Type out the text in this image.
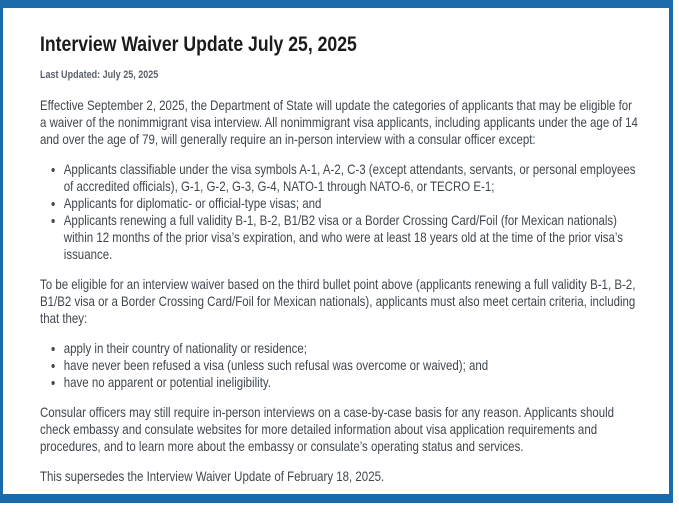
Interview Waiver Update July 25, 2025
Last Updated: July 25, 2025

Effective September 2, 2025, the Department of State will update the categories of applicants that may be eligible for a waiver of the nonimmigrant visa interview. All nonimmigrant visa applicants, including applicants under the age of 14 and over the age of 79, will generally require an in-person interview with a consular officer except:

• Applicants classifiable under the visa symbols A-1, A-2, C-3 (except attendants, servants, or personal employees of accredited officials), G-1, G-2, G-3, G-4, NATO-1 through NATO-6, or TECRO E-1;
• Applicants for diplomatic- or official-type visas; and
• Applicants renewing a full validity B-1, B-2, B1/B2 visa or a Border Crossing Card/Foil (for Mexican nationals) within 12 months of the prior visa’s expiration, and who were at least 18 years old at the time of the prior visa’s issuance.

To be eligible for an interview waiver based on the third bullet point above (applicants renewing a full validity B-1, B-2, B1/B2 visa or a Border Crossing Card/Foil for Mexican nationals), applicants must also meet certain criteria, including that they:

• apply in their country of nationality or residence;
• have never been refused a visa (unless such refusal was overcome or waived); and
• have no apparent or potential ineligibility.

Consular officers may still require in-person interviews on a case-by-case basis for any reason. Applicants should check embassy and consulate websites for more detailed information about visa application requirements and procedures, and to learn more about the embassy or consulate’s operating status and services.

This supersedes the Interview Waiver Update of February 18, 2025.
